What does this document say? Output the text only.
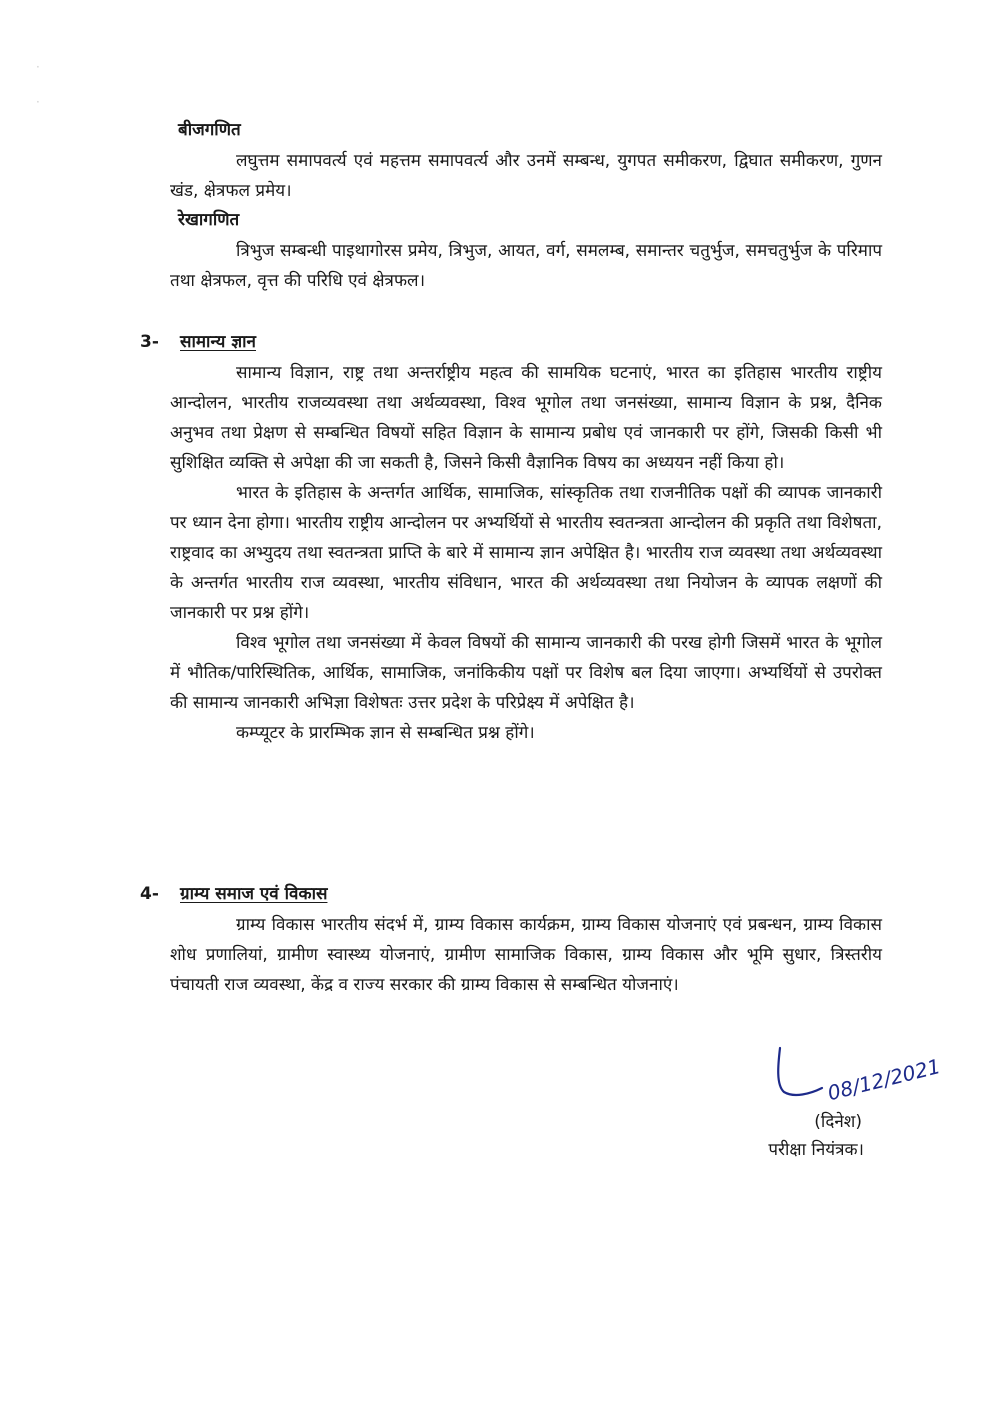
·
·
बीजगणित

लघुत्तम समापवर्त्य एवं महत्तम समापवर्त्य और उनमें सम्बन्ध, युगपत समीकरण, द्विघात समीकरण, गुणन खंड, क्षेत्रफल प्रमेय।

रेखागणित

त्रिभुज सम्बन्धी पाइथागोरस प्रमेय, त्रिभुज, आयत, वर्ग, समलम्ब, समान्तर चतुर्भुज, समचतुर्भुज के परिमाप तथा क्षेत्रफल, वृत्त की परिधि एवं क्षेत्रफल।

3- सामान्य ज्ञान

सामान्य विज्ञान, राष्ट्र तथा अन्तर्राष्ट्रीय महत्व की सामयिक घटनाएं, भारत का इतिहास भारतीय राष्ट्रीय आन्दोलन, भारतीय राजव्यवस्था तथा अर्थव्यवस्था, विश्व भूगोल तथा जनसंख्या, सामान्य विज्ञान के प्रश्न, दैनिक अनुभव तथा प्रेक्षण से सम्बन्धित विषयों सहित विज्ञान के सामान्य प्रबोध एवं जानकारी पर होंगे, जिसकी किसी भी सुशिक्षित व्यक्ति से अपेक्षा की जा सकती है, जिसने किसी वैज्ञानिक विषय का अध्ययन नहीं किया हो।

भारत के इतिहास के अन्तर्गत आर्थिक, सामाजिक, सांस्कृतिक तथा राजनीतिक पक्षों की व्यापक जानकारी पर ध्यान देना होगा। भारतीय राष्ट्रीय आन्दोलन पर अभ्यर्थियों से भारतीय स्वतन्त्रता आन्दोलन की प्रकृति तथा विशेषता, राष्ट्रवाद का अभ्युदय तथा स्वतन्त्रता प्राप्ति के बारे में सामान्य ज्ञान अपेक्षित है। भारतीय राज व्यवस्था तथा अर्थव्यवस्था के अन्तर्गत भारतीय राज व्यवस्था, भारतीय संविधान, भारत की अर्थव्यवस्था तथा नियोजन के व्यापक लक्षणों की जानकारी पर प्रश्न होंगे।

विश्व भूगोल तथा जनसंख्या में केवल विषयों की सामान्य जानकारी की परख होगी जिसमें भारत के भूगोल में भौतिक/पारिस्थितिक, आर्थिक, सामाजिक, जनांकिकीय पक्षों पर विशेष बल दिया जाएगा। अभ्यर्थियों से उपरोक्त की सामान्य जानकारी अभिज्ञा विशेषतः उत्तर प्रदेश के परिप्रेक्ष्य में अपेक्षित है।

कम्प्यूटर के प्रारम्भिक ज्ञान से सम्बन्धित प्रश्न होंगे।

4- ग्राम्य समाज एवं विकास

ग्राम्य विकास भारतीय संदर्भ में, ग्राम्य विकास कार्यक्रम, ग्राम्य विकास योजनाएं एवं प्रबन्धन, ग्राम्य विकास शोध प्रणालियां, ग्रामीण स्वास्थ्य योजनाएं, ग्रामीण सामाजिक विकास, ग्राम्य विकास और भूमि सुधार, त्रिस्तरीय पंचायती राज व्यवस्था, केंद्र व राज्य सरकार की ग्राम्य विकास से सम्बन्धित योजनाएं।

08/12/2021
(दिनेश)
परीक्षा नियंत्रक।
